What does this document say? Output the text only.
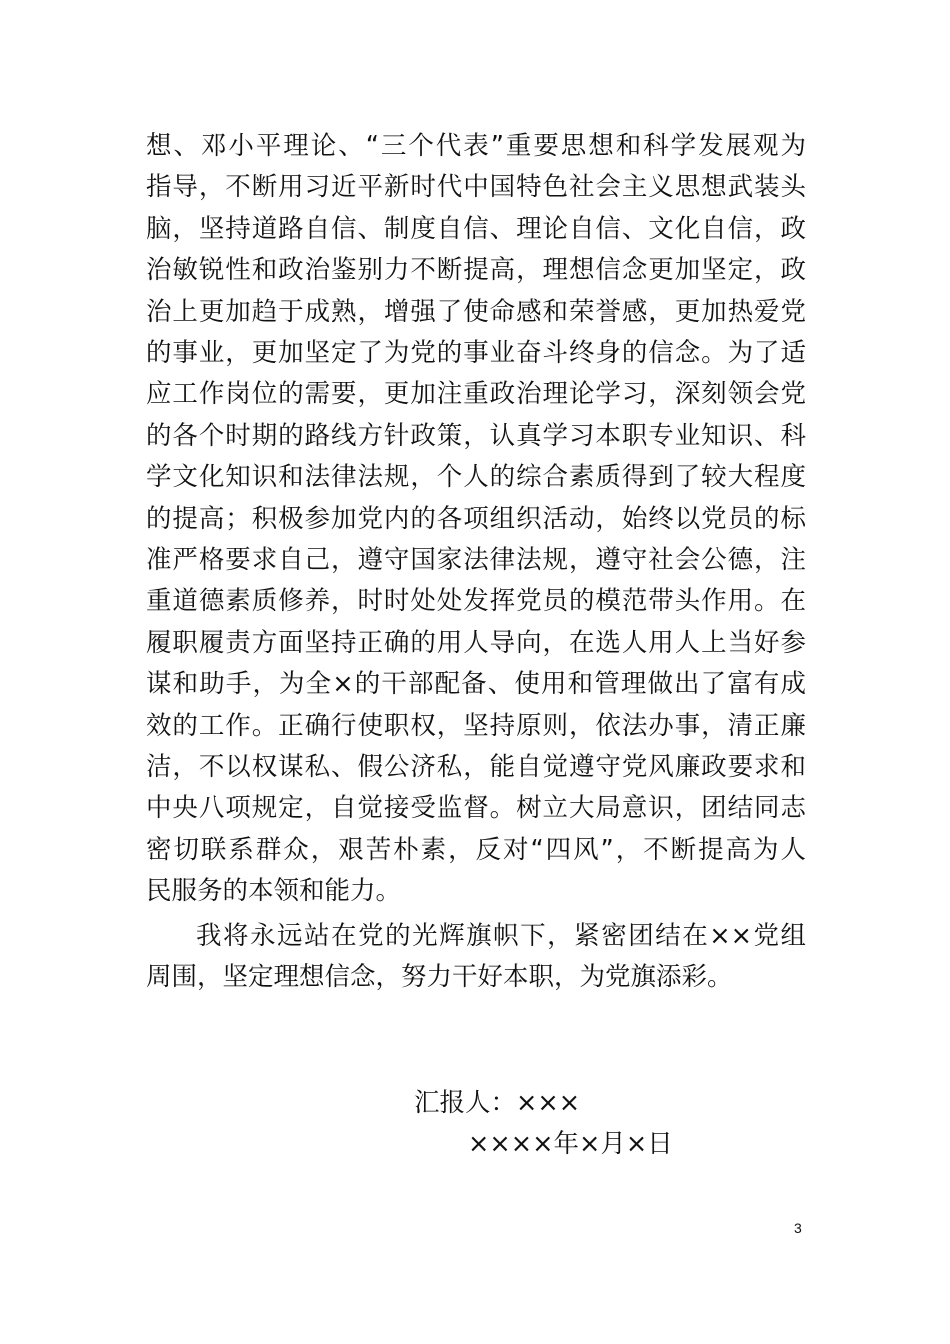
想、邓小平理论、“三个代表”重要思想和科学发展观为
指导，不断用习近平新时代中国特色社会主义思想武装头
脑，坚持道路自信、制度自信、理论自信、文化自信，政
治敏锐性和政治鉴别力不断提高，理想信念更加坚定，政
治上更加趋于成熟，增强了使命感和荣誉感，更加热爱党
的事业，更加坚定了为党的事业奋斗终身的信念。为了适
应工作岗位的需要，更加注重政治理论学习，深刻领会党
的各个时期的路线方针政策，认真学习本职专业知识、科
学文化知识和法律法规，个人的综合素质得到了较大程度
的提高；积极参加党内的各项组织活动，始终以党员的标
准严格要求自己，遵守国家法律法规，遵守社会公德，注
重道德素质修养，时时处处发挥党员的模范带头作用。在
履职履责方面坚持正确的用人导向，在选人用人上当好参
谋和助手，为全×的干部配备、使用和管理做出了富有成
效的工作。正确行使职权，坚持原则，依法办事，清正廉
洁，不以权谋私、假公济私，能自觉遵守党风廉政要求和
中央八项规定，自觉接受监督。树立大局意识，团结同志
密切联系群众，艰苦朴素，反对“四风”，不断提高为人
民服务的本领和能力。
我将永远站在党的光辉旗帜下，紧密团结在××党组
周围，坚定理想信念，努力干好本职，为党旗添彩。
汇报人：×××
××××年×月×日
3
